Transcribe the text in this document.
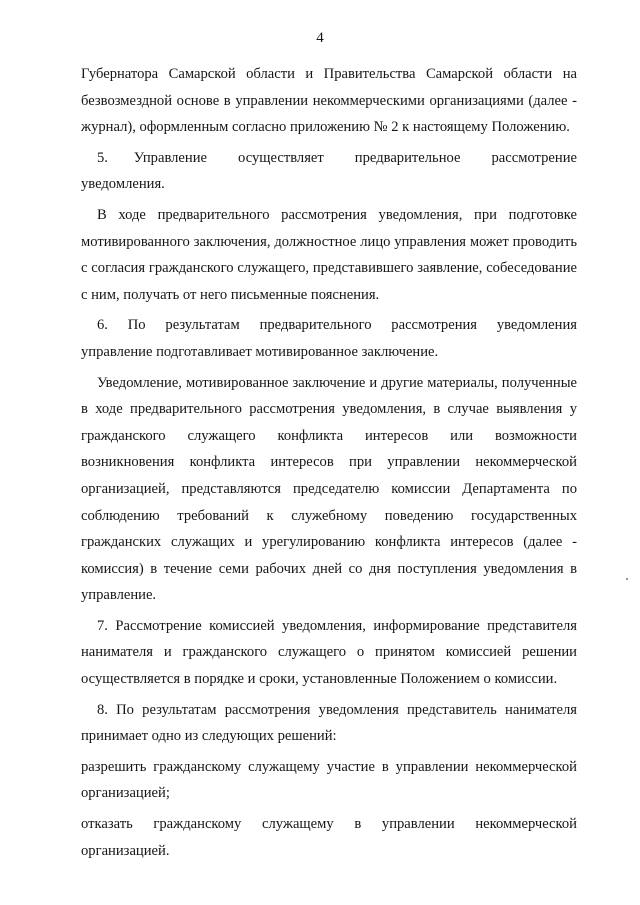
4

Губернатора Самарской области и Правительства Самарской области на безвозмездной основе в управлении некоммерческими организациями (далее - журнал), оформленным согласно приложению № 2 к настоящему Положению.

5.     Управление      осуществляет      предварительное      рассмотрение уведомления.

В ходе предварительного рассмотрения уведомления, при подготовке мотивированного заключения, должностное лицо управления может проводить с согласия гражданского служащего, представившего заявление, собеседование с ним, получать от него письменные пояснения.

6.   По   результатам   предварительного   рассмотрения   уведомления управление подготавливает мотивированное заключение.

Уведомление, мотивированное заключение и другие материалы, полученные в ходе предварительного рассмотрения уведомления, в случае выявления у гражданского служащего конфликта интересов или возможности возникновения конфликта интересов при управлении некоммерческой организацией, представляются председателю комиссии Департамента по соблюдению требований к служебному поведению государственных гражданских служащих и урегулированию конфликта интересов (далее - комиссия) в течение семи рабочих дней со дня поступления уведомления в управление.

7. Рассмотрение комиссией уведомления, информирование представителя нанимателя и гражданского служащего о принятом комиссией решении осуществляется в порядке и сроки, установленные Положением о комиссии.

8. По результатам рассмотрения уведомления представитель нанимателя принимает одно из следующих решений:

разрешить гражданскому служащему участие в управлении некоммерческой организацией;

отказать гражданскому служащему в управлении некоммерческой организацией.
